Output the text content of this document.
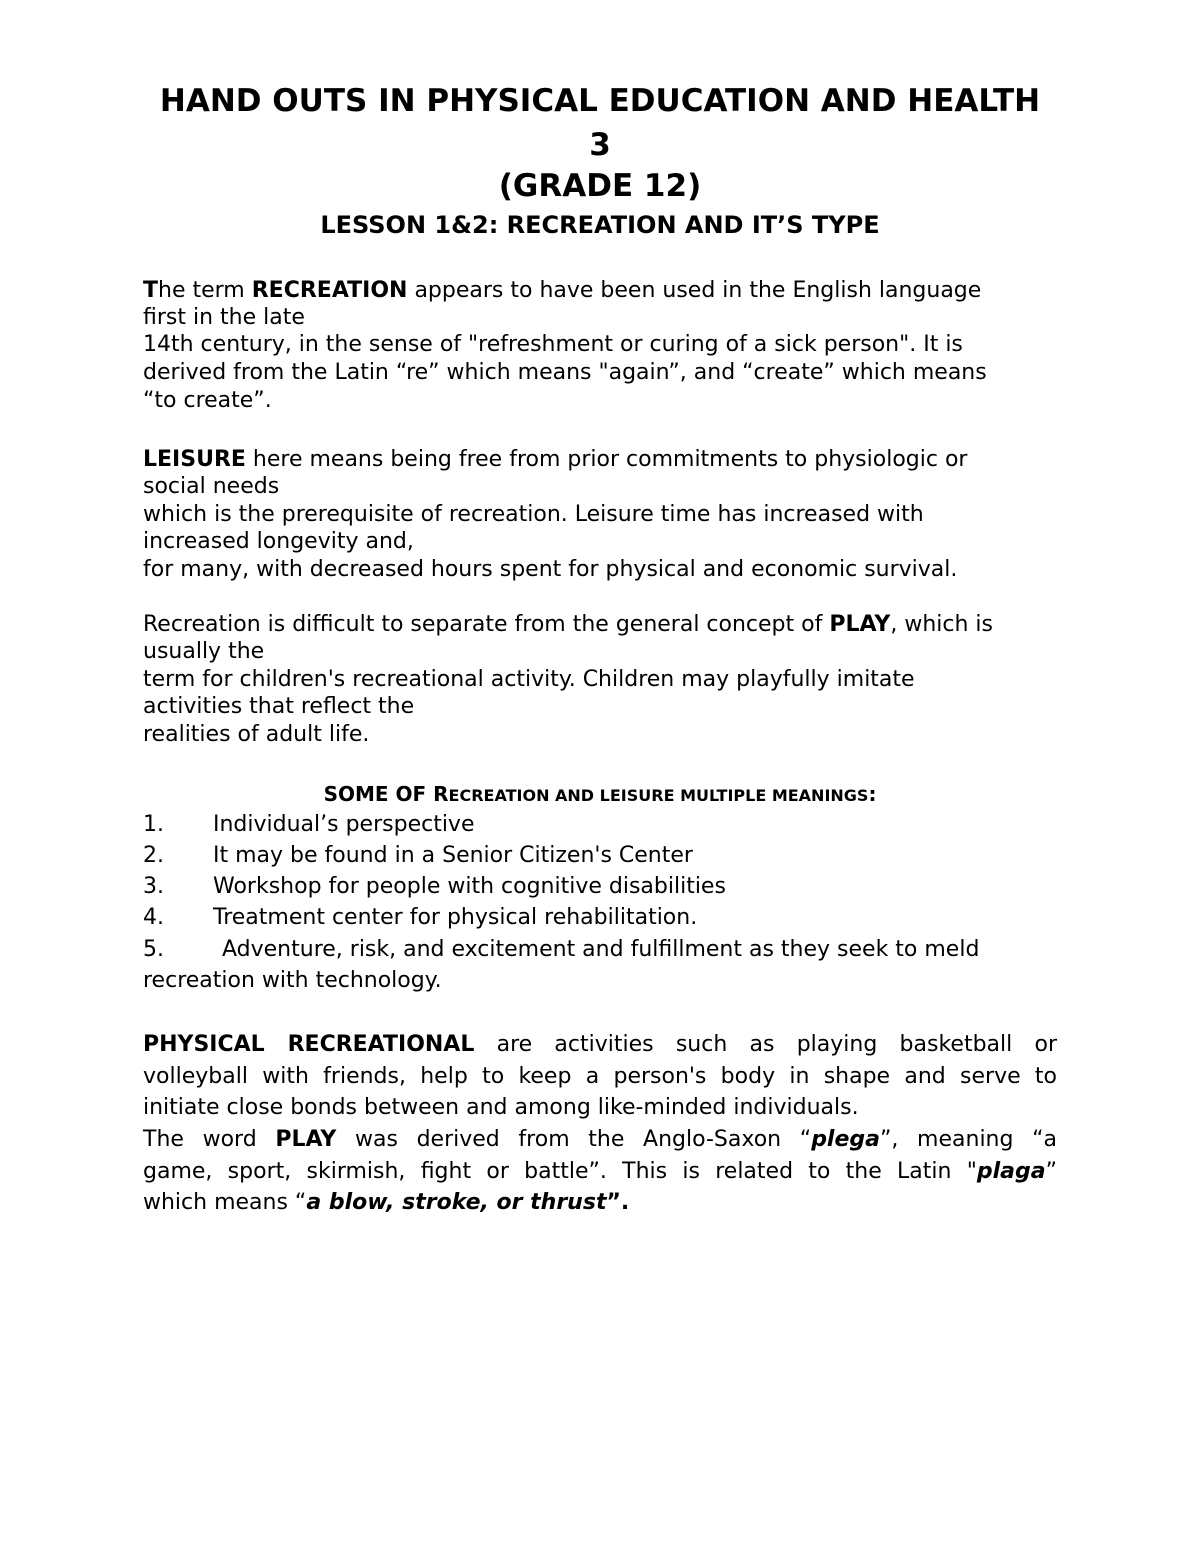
HAND OUTS IN PHYSICAL EDUCATION AND HEALTH
3
(GRADE 12)
LESSON 1&2: RECREATION AND IT’S TYPE
The term RECREATION appears to have been used in the English language
first in the late
14th century, in the sense of "refreshment or curing of a sick person". It is
derived from the Latin “re” which means "again”, and “create” which means
“to create”.
LEISURE here means being free from prior commitments to physiologic or
social needs
which is the prerequisite of recreation. Leisure time has increased with
increased longevity and,
for many, with decreased hours spent for physical and economic survival.
Recreation is difficult to separate from the general concept of PLAY, which is
usually the
term for children's recreational activity. Children may playfully imitate
activities that reflect the
realities of adult life.
SOME OF RECREATION AND LEISURE MULTIPLE MEANINGS:
1. Individual’s perspective
2. It may be found in a Senior Citizen's Center
3. Workshop for people with cognitive disabilities
4. Treatment center for physical rehabilitation.
5.	Adventure, risk, and excitement and fulfillment as they seek to meld
recreation with technology.
PHYSICAL RECREATIONAL are activities such as playing basketball or
volleyball with friends, help to keep a person's body in shape and serve to
initiate close bonds between and among like-minded individuals.
The word PLAY was derived from the Anglo-Saxon “plega”, meaning “a
game, sport, skirmish, fight or battle”. This is related to the Latin "plaga”
which means “a blow, stroke, or thrust”.
